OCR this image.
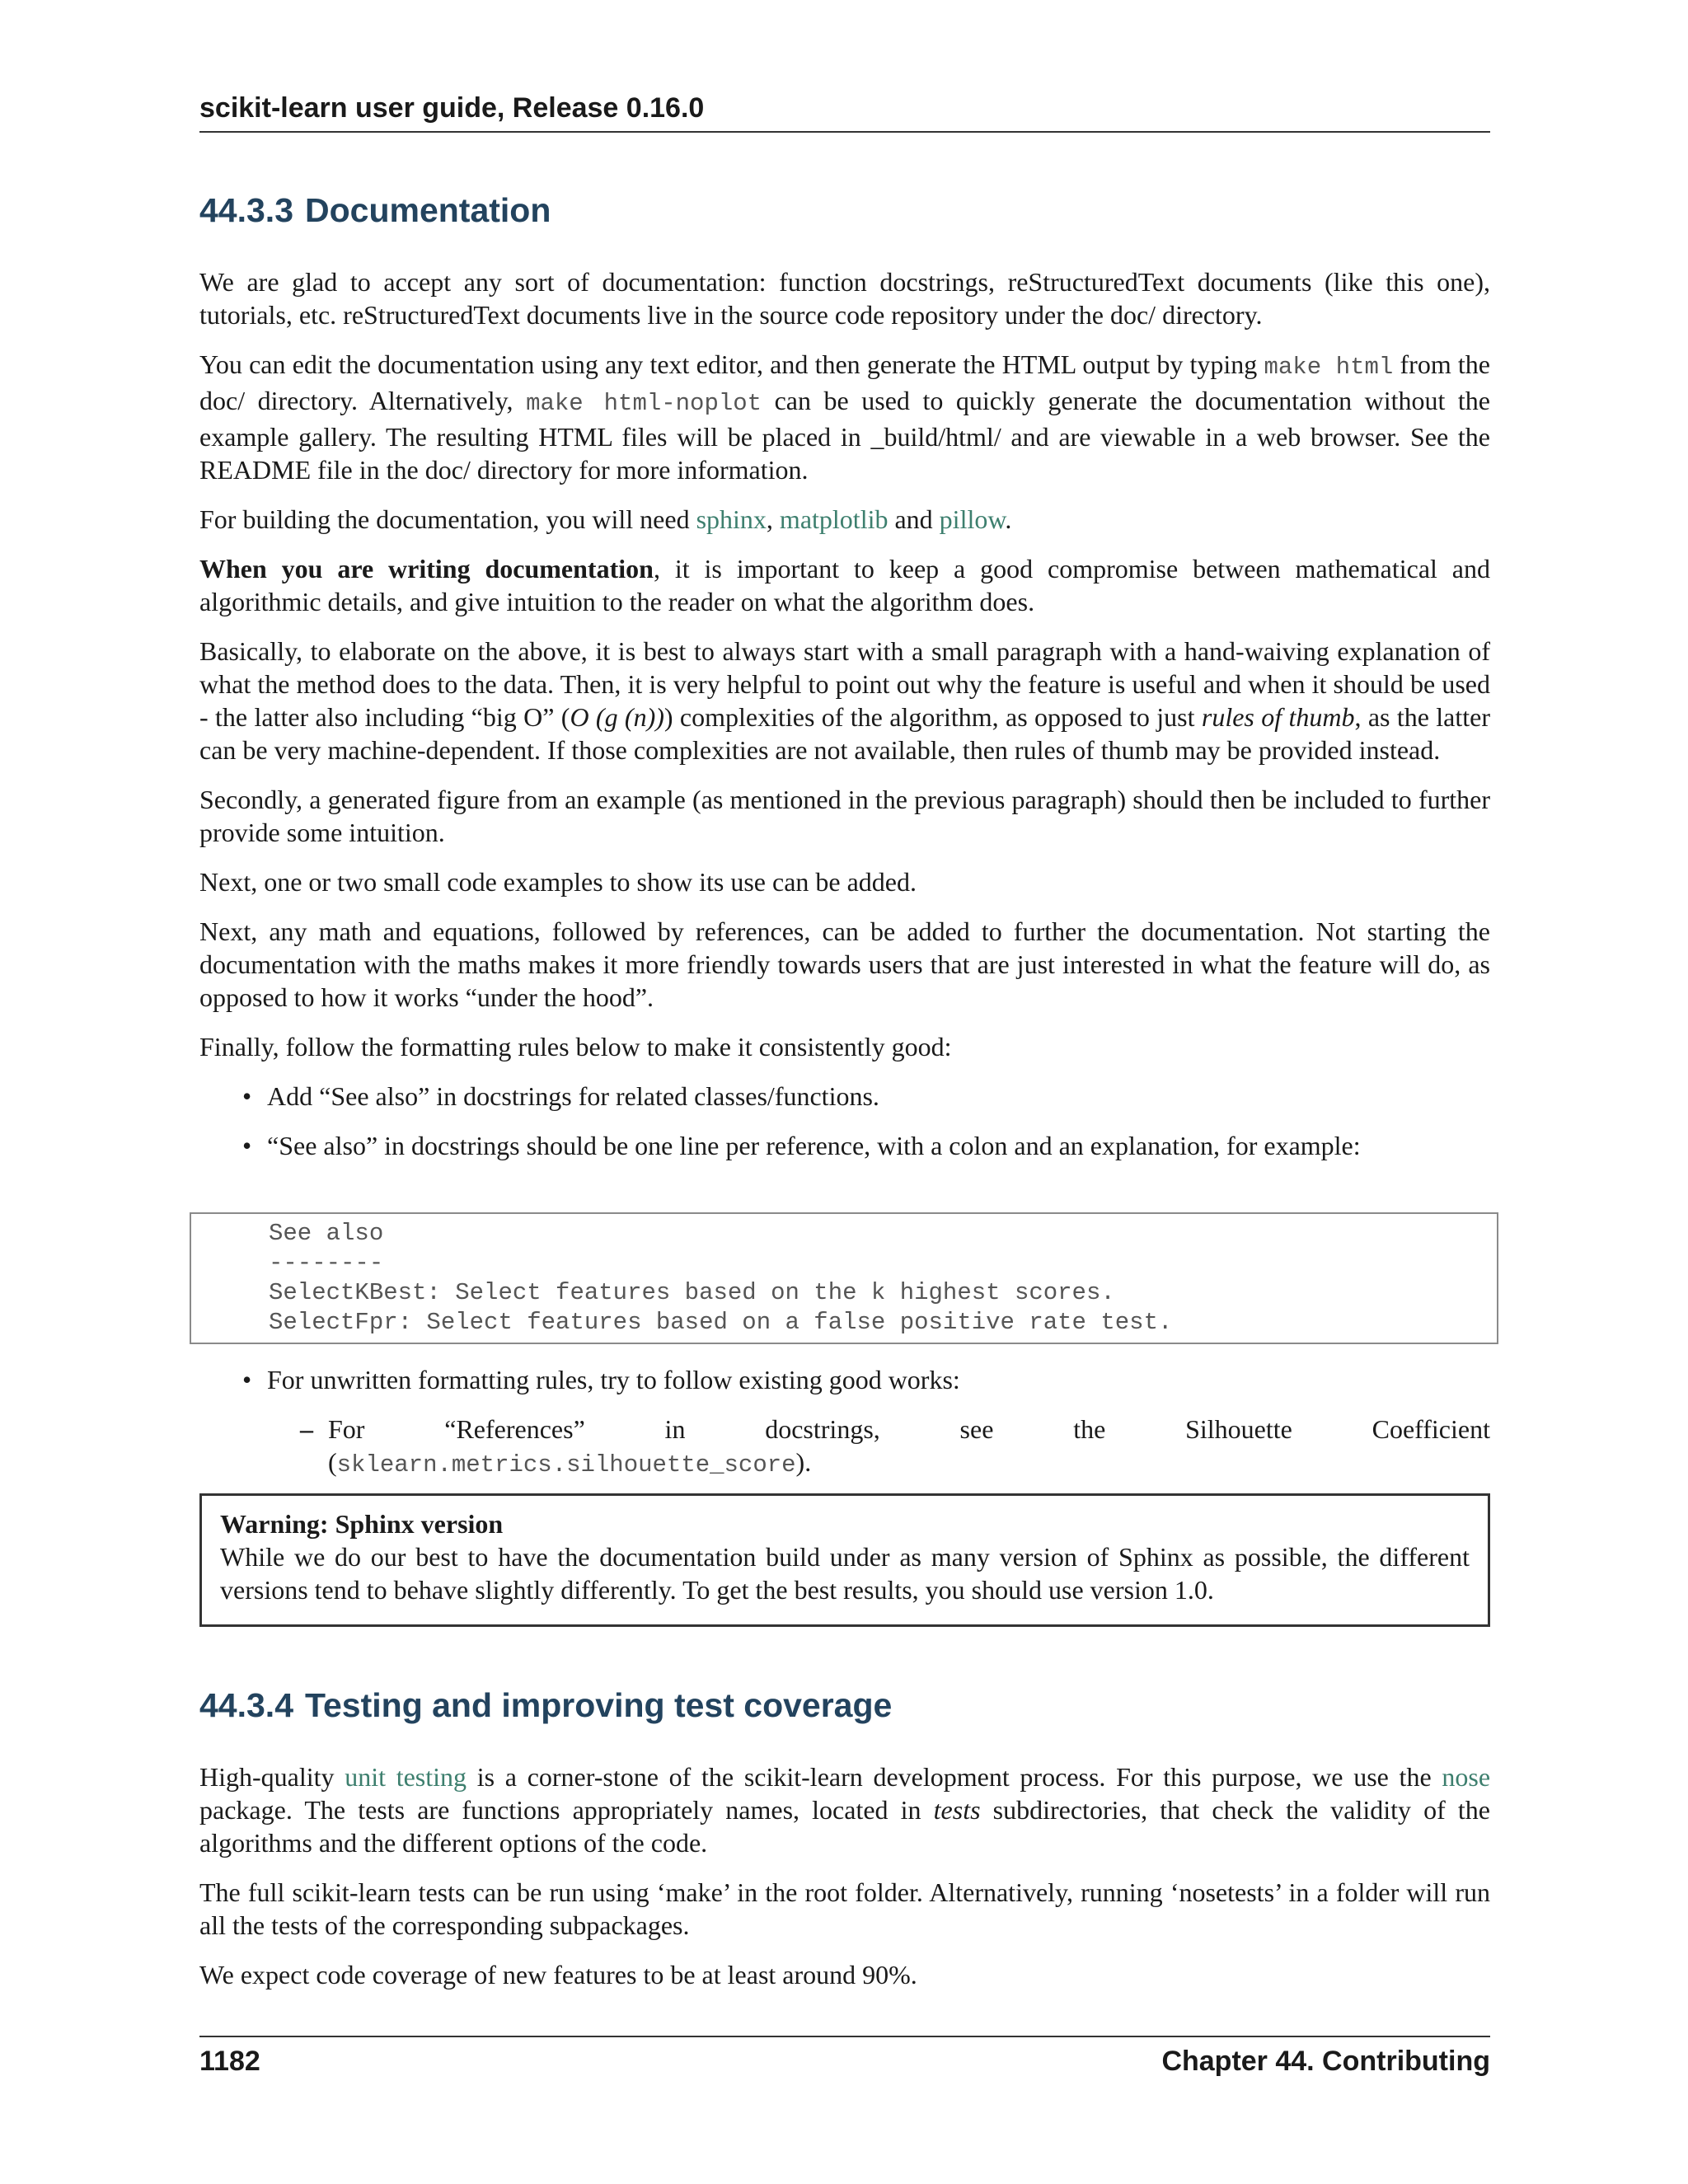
scikit-learn user guide, Release 0.16.0
44.3.3 Documentation

We are glad to accept any sort of documentation: function docstrings, reStructuredText documents (like this one), tutorials, etc. reStructuredText documents live in the source code repository under the doc/ directory.

You can edit the documentation using any text editor, and then generate the HTML output by typing make html from the doc/ directory. Alternatively, make html-noplot can be used to quickly generate the documentation without the example gallery. The resulting HTML files will be placed in _build/html/ and are viewable in a web browser. See the README file in the doc/ directory for more information.

For building the documentation, you will need sphinx, matplotlib and pillow.

When you are writing documentation, it is important to keep a good compromise between mathematical and algorithmic details, and give intuition to the reader on what the algorithm does.

Basically, to elaborate on the above, it is best to always start with a small paragraph with a hand-waiving explanation of what the method does to the data. Then, it is very helpful to point out why the feature is useful and when it should be used - the latter also including “big O” (O (g (n))) complexities of the algorithm, as opposed to just rules of thumb, as the latter can be very machine-dependent. If those complexities are not available, then rules of thumb may be provided instead.

Secondly, a generated figure from an example (as mentioned in the previous paragraph) should then be included to further provide some intuition.

Next, one or two small code examples to show its use can be added.

Next, any math and equations, followed by references, can be added to further the documentation. Not starting the documentation with the maths makes it more friendly towards users that are just interested in what the feature will do, as opposed to how it works “under the hood”.

Finally, follow the formatting rules below to make it consistently good:

• Add “See also” in docstrings for related classes/functions.
• “See also” in docstrings should be one line per reference, with a colon and an explanation, for example:
See also
--------
SelectKBest: Select features based on the k highest scores.
SelectFpr: Select features based on a false positive rate test.
• For unwritten formatting rules, try to follow existing good works:
– For	“References”	in	docstrings,	see	the	Silhouette	Coefficient
(sklearn.metrics.silhouette_score).
Warning: Sphinx version
While we do our best to have the documentation build under as many version of Sphinx as possible, the different versions tend to behave slightly differently. To get the best results, you should use version 1.0.
44.3.4 Testing and improving test coverage

High-quality unit testing is a corner-stone of the scikit-learn development process. For this purpose, we use the nose package. The tests are functions appropriately names, located in tests subdirectories, that check the validity of the algorithms and the different options of the code.

The full scikit-learn tests can be run using ‘make’ in the root folder. Alternatively, running ‘nosetests’ in a folder will run all the tests of the corresponding subpackages.

We expect code coverage of new features to be at least around 90%.

1182	Chapter 44. Contributing
